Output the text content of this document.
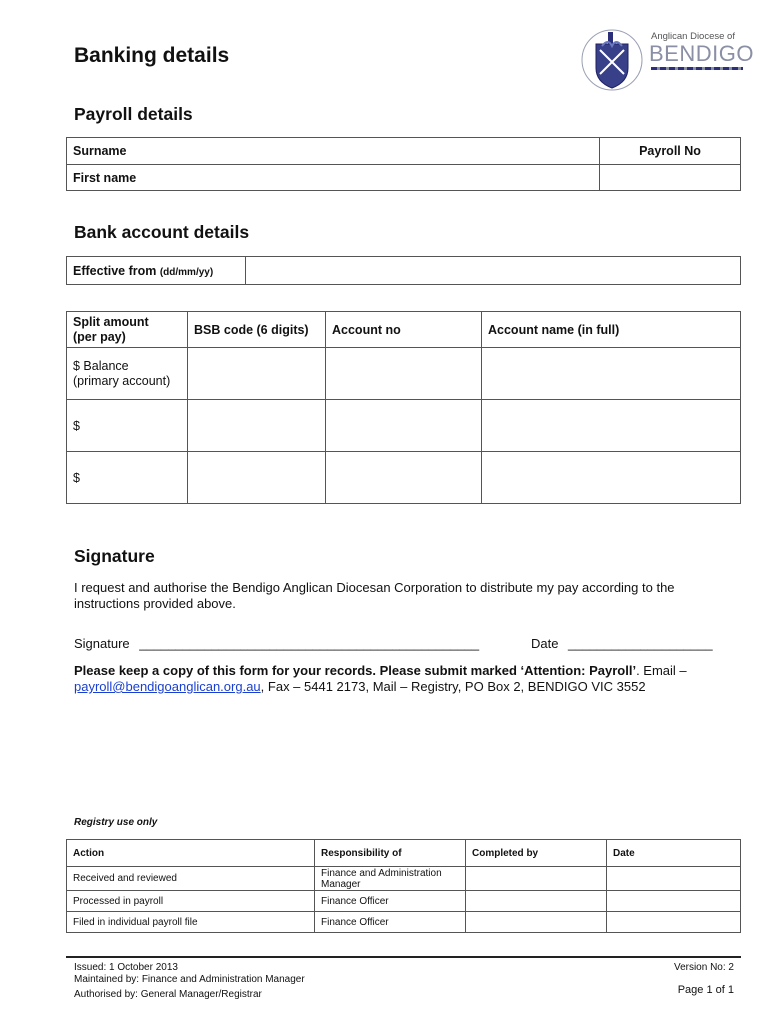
Banking details
Anglican Diocese of
BENDIGO
Payroll details
Surname	Payroll No
First name	
Bank account details
Effective from (dd/mm/yy)	
Split amount
(per pay)	BSB code (6 digits)	Account no	Account name (in full)
$ Balance
(primary account)			
$			
$			
Signature
I request and authorise the Bendigo Anglican Diocesan Corporation to distribute my pay according to the instructions provided above.
Signature _______________________________________________	Date ____________________
Please keep a copy of this form for your records. Please submit marked ‘Attention: Payroll’. Email – payroll@bendigoanglican.org.au, Fax – 5441 2173, Mail – Registry, PO Box 2, BENDIGO VIC 3552
Registry use only
Action	Responsibility of	Completed by	Date
Received and reviewed	Finance and Administration
Manager		
Processed in payroll	Finance Officer		
Filed in individual payroll file	Finance Officer		
Issued: 1 October 2013
Maintained by: Finance and Administration Manager
Authorised by: General Manager/Registrar
Version No: 2
Page 1 of 1
